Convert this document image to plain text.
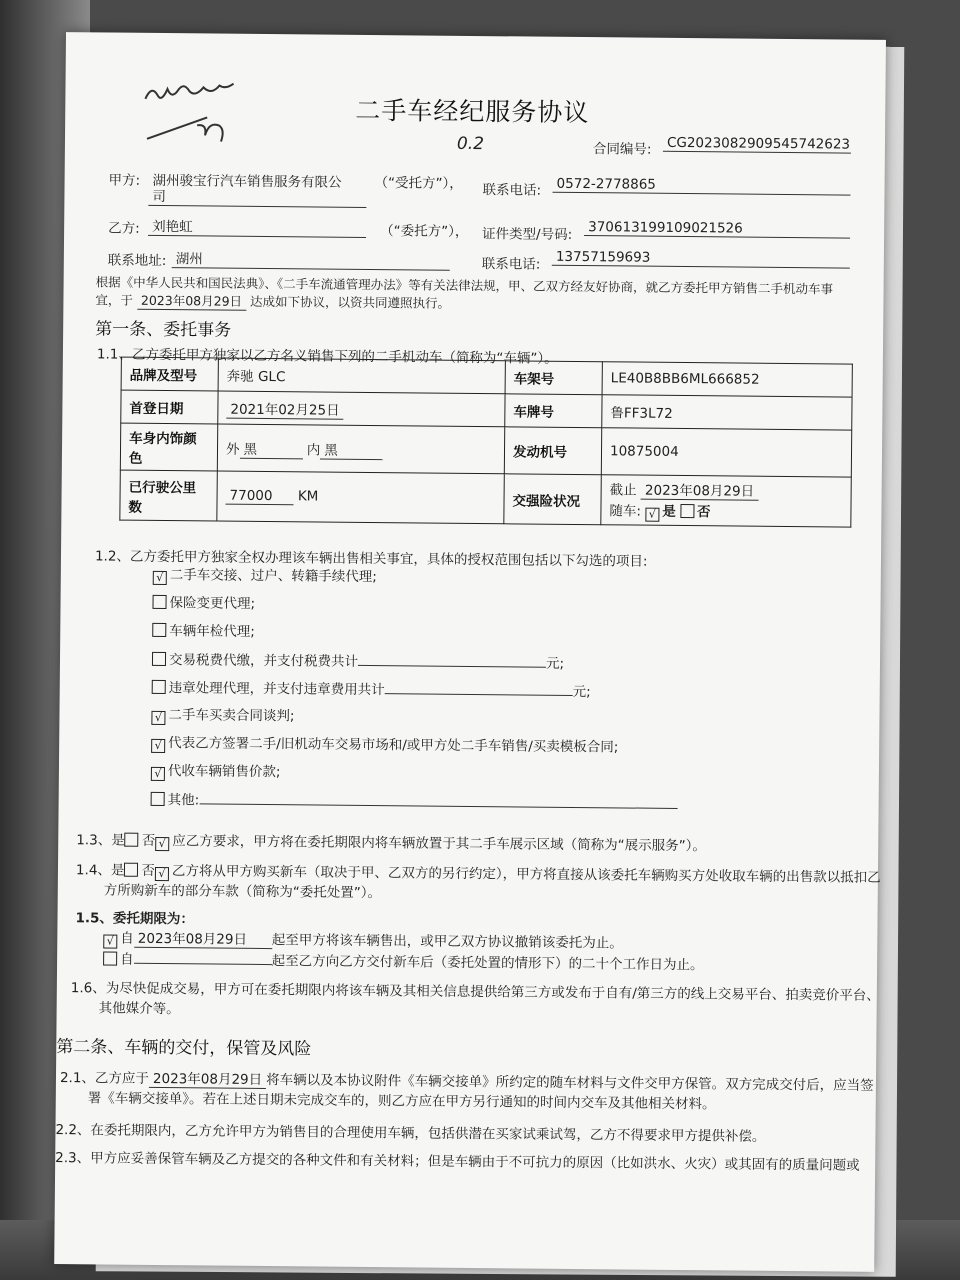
二手车经纪服务协议
0.2	合同编号: CG2023082909545742623
甲方: 湖州骏宝行汽车销售服务有限公
司
（“受托方”）， 联系电话: 0572-2778865
乙方: 刘艳虹	（“委托方”）， 证件类型/号码: 370613199109021526
联系地址: 湖州	联系电话: 13757159693
根据《中华人民共和国民法典》、《二手车流通管理办法》等有关法律法规，甲、乙双方经友好协商，就乙方委托甲方销售二手机动车事
宜，于 2023年08月29日 达成如下协议，以资共同遵照执行。
第一条、委托事务
1.1、乙方委托甲方独家以乙方名义销售下列的二手机动车（简称为“车辆”）。
品牌及型号	奔驰 GLC	车架号	LE40B8BB6ML666852
首登日期	2021年02月25日	车牌号	鲁FF3L72
车身内饰颜色	外 黑 内 黑	发动机号	10875004
已行驶公里数	77000 KM	交强险状况	截止 2023年08月29日
随车: √ 是 否
1.2、乙方委托甲方独家全权办理该车辆出售相关事宜，具体的授权范围包括以下勾选的项目:
√ 二手车交接、过户、转籍手续代理;
保险变更代理;
车辆年检代理;
交易税费代缴，并支付税费共计	元;
违章处理代理，并支付违章费用共计	元;
√ 二手车买卖合同谈判;
√ 代表乙方签署二手/旧机动车交易市场和/或甲方处二手车销售/买卖模板合同;
√ 代收车辆销售价款;
其他:
1.3、是 否 √ 应乙方要求，甲方将在委托期限内将车辆放置于其二手车展示区域（简称为“展示服务”）。
1.4、是 否 √ 乙方将从甲方购买新车（取决于甲、乙双方的另行约定），甲方将直接从该委托车辆购买方处收取车辆的出售款以抵扣乙
方所购新车的部分车款（简称为“委托处置”）。
1.5、委托期限为：
√ 自 2023年08月29日 起至甲方将该车辆售出，或甲乙双方协议撤销该委托为止。
自	起至乙方向乙方交付新车后（委托处置的情形下）的二十个工作日为止。
1.6、为尽快促成交易，甲方可在委托期限内将该车辆及其相关信息提供给第三方或发布于自有/第三方的线上交易平台、拍卖竞价平台、
其他媒介等。
第二条、车辆的交付，保管及风险
2.1、乙方应于 2023年08月29日 将车辆以及本协议附件《车辆交接单》所约定的随车材料与文件交甲方保管。双方完成交付后，应当签
署《车辆交接单》。若在上述日期未完成交车的，则乙方应在甲方另行通知的时间内交车及其他相关材料。
2.2、在委托期限内，乙方允许甲方为销售目的合理使用车辆，包括供潜在买家试乘试驾，乙方不得要求甲方提供补偿。
2.3、甲方应妥善保管车辆及乙方提交的各种文件和有关材料；但是车辆由于不可抗力的原因（比如洪水、火灾）或其固有的质量问题或
